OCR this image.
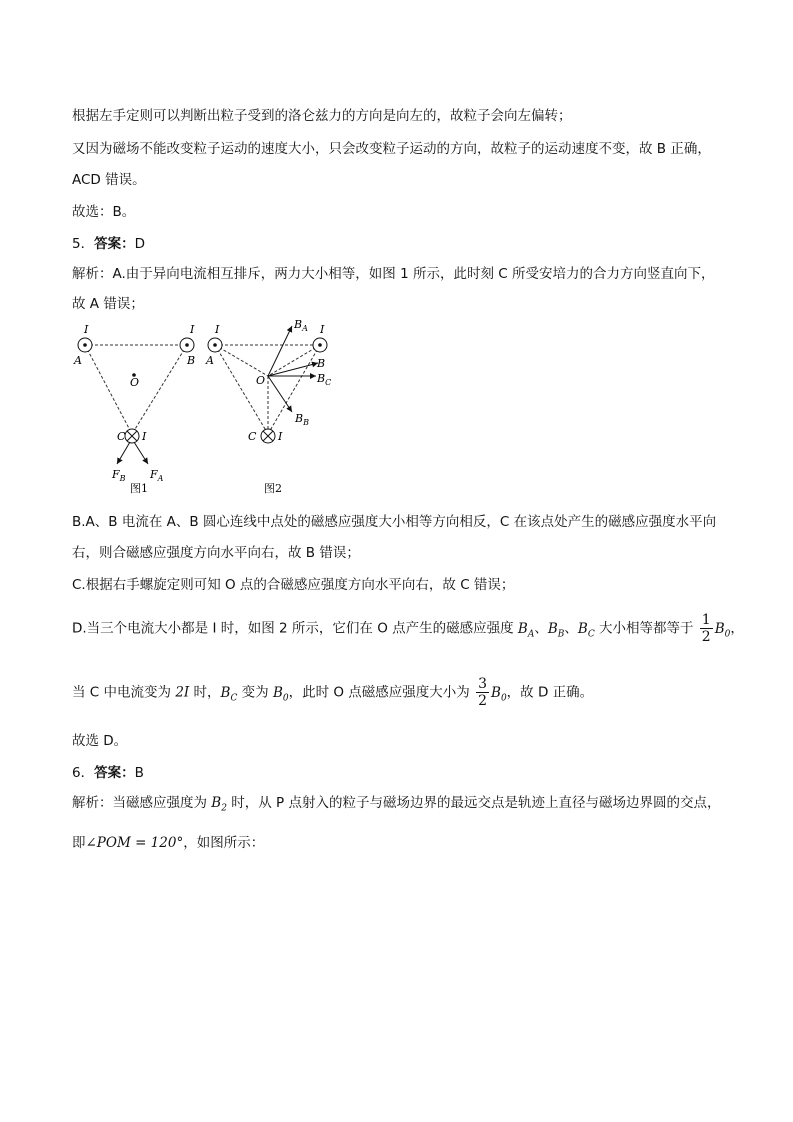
根据左手定则可以判断出粒子受到的洛仑兹力的方向是向左的，故粒子会向左偏转；
又因为磁场不能改变粒子运动的速度大小，只会改变粒子运动的方向，故粒子的运动速度不变，故 B 正确，
ACD 错误。
故选：B。
5．答案：D
解析：A.由于异向电流相互排斥，两力大小相等，如图 1 所示，此时刻 C 所受安培力的合力方向竖直向下，
故 A 错误；
I
A
I
B
O
C I
$F_B$ $F_A$
图1
I
A
I
O
$B_A$
B
$B_C$
$B_B$
C I
图2
B.A、B 电流在 A、B 圆心连线中点处的磁感应强度大小相等方向相反，C 在该点处产生的磁感应强度水平向
右，则合磁感应强度方向水平向右，故 B 错误；
C.根据右手螺旋定则可知 O 点的合磁感应强度方向水平向右，故 C 错误；
D.当三个电流大小都是 I 时，如图 2 所示，它们在 O 点产生的磁感应强度 $B_A$、$B_B$、$B_C$ 大小相等都等于 $\frac{1}{2} B_0$，
当 C 中电流变为 2I 时，$B_C$ 变为 $B_0$，此时 O 点磁感应强度大小为 $\frac{3}{2} B_0$，故 D 正确。
故选 D。
6．答案：B
解析：当磁感应强度为 $B_2$ 时，从 P 点射入的粒子与磁场边界的最远交点是轨迹上直径与磁场边界圆的交点，
即∠POM = 120°，如图所示：
